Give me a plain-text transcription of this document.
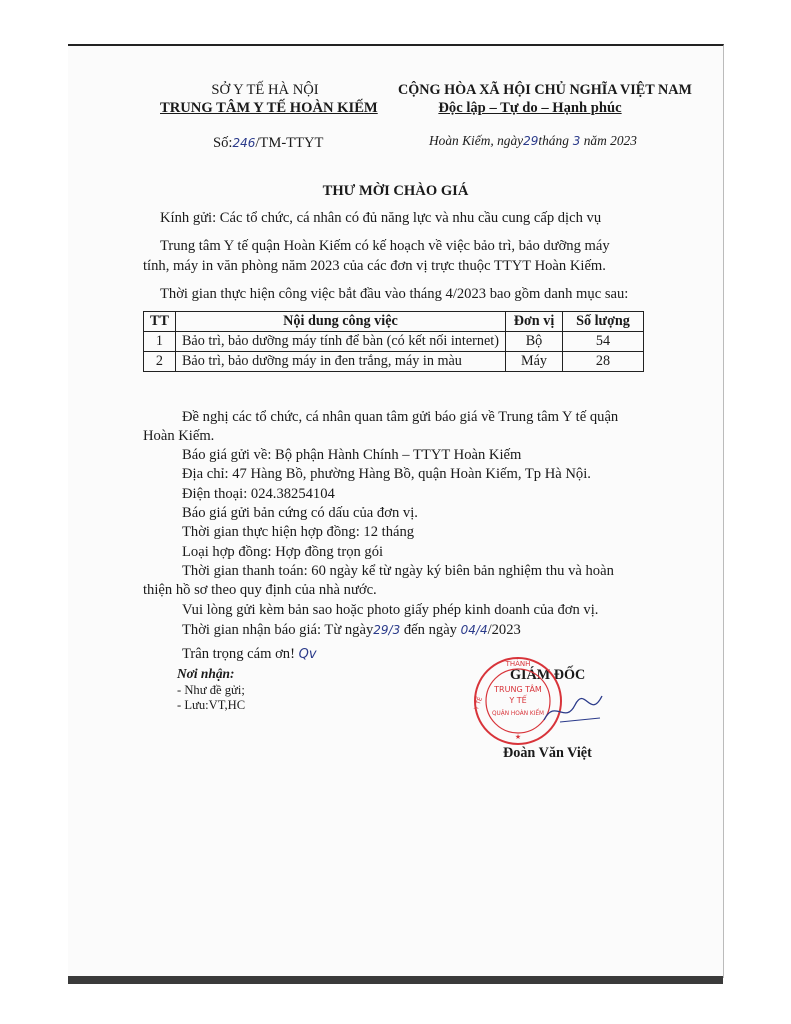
SỞ Y TẾ HÀ NỘI
TRUNG TÂM Y TẾ HOÀN KIẾM
CỘNG HÒA XÃ HỘI CHỦ NGHĨA VIỆT NAM
Độc lập – Tự do – Hạnh phúc
Số:246/TM-TTYT	Hoàn Kiếm, ngày29tháng 3 năm 2023
THƯ MỜI CHÀO GIÁ
Kính gửi: Các tổ chức, cá nhân có đủ năng lực và nhu cầu cung cấp dịch vụ
Trung tâm Y tế quận Hoàn Kiếm có kế hoạch về việc bảo trì, bảo dưỡng máy
tính, máy in văn phòng năm 2023 của các đơn vị trực thuộc TTYT Hoàn Kiếm.
Thời gian thực hiện công việc bắt đầu vào tháng 4/2023 bao gồm danh mục sau:
TT	Nội dung công việc	Đơn vị	Số lượng
1	Bảo trì, bảo dưỡng máy tính để bàn (có kết nối internet)	Bộ	54
2	Bảo trì, bảo dưỡng máy in đen trắng, máy in màu	Máy	28
Đề nghị các tổ chức, cá nhân quan tâm gửi báo giá về Trung tâm Y tế quận
Hoàn Kiếm.
Báo giá gửi về: Bộ phận Hành Chính – TTYT Hoàn Kiếm
Địa chỉ: 47 Hàng Bồ, phường Hàng Bồ, quận Hoàn Kiếm, Tp Hà Nội.
Điện thoại: 024.38254104
Báo giá gửi bản cứng có dấu của đơn vị.
Thời gian thực hiện hợp đồng: 12 tháng
Loại hợp đồng: Hợp đồng trọn gói
Thời gian thanh toán: 60 ngày kể từ ngày ký biên bản nghiệm thu và hoàn
thiện hồ sơ theo quy định của nhà nước.
Vui lòng gửi kèm bản sao hoặc photo giấy phép kinh doanh của đơn vị.
Thời gian nhận báo giá: Từ ngày29/3 đến ngày 04/4/2023
Trân trọng cám ơn! Qv
Nơi nhận:
- Như đề gửi;
- Lưu:VT,HC
GIÁM ĐỐC
THÀNH
Y TẾ
TRUNG TÂM
Y TẾ
QUẬN HOÀN KIẾM
★
Đoàn Văn Việt
